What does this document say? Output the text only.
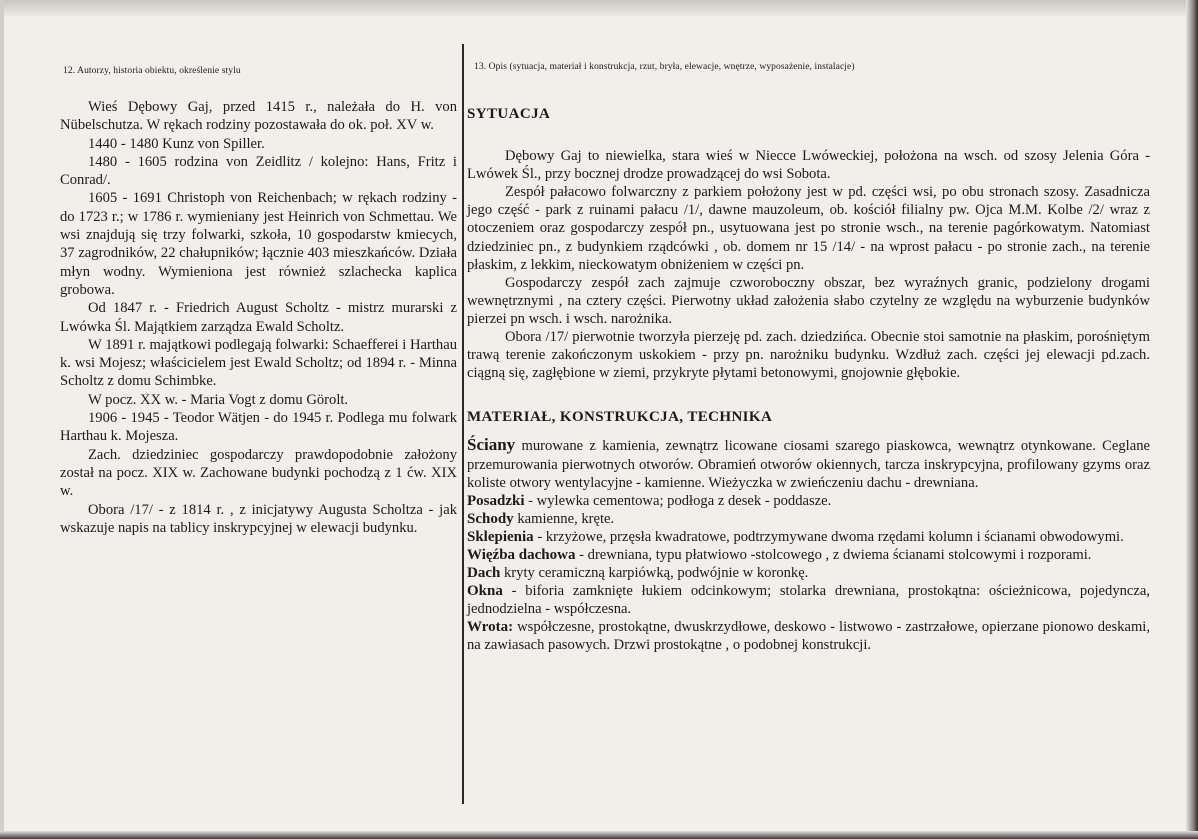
12. Autorzy, historia obiektu, określenie stylu	13. Opis (sytuacja, materiał i konstrukcja, rzut, bryła, elewacje, wnętrze, wyposażenie, instalacje)

Wieś Dębowy Gaj, przed 1415 r., należała do H. von Nübelschutza. W rękach rodziny pozostawała do ok. poł. XV w.

1440 - 1480 Kunz von Spiller.

1480 - 1605 rodzina von Zeidlitz / kolejno: Hans, Fritz i Conrad/.

1605 - 1691 Christoph von Reichenbach; w rękach rodziny - do 1723 r.; w 1786 r. wymieniany jest Heinrich von Schmettau. We wsi znajdują się trzy folwarki, szkoła, 10 gospodarstw kmiecych, 37 zagrodników, 22 chałupników; łącznie 403 mieszkańców. Działa młyn wodny. Wymieniona jest również szlachecka kaplica grobowa.

Od 1847 r. - Friedrich August Scholtz - mistrz murarski z Lwówka Śl. Majątkiem zarządza Ewald Scholtz.

W 1891 r. majątkowi podlegają folwarki: Schaefferei i Harthau k. wsi Mojesz; właścicielem jest Ewald Scholtz; od 1894 r. - Minna Scholtz z domu Schimbke.

W pocz. XX w. - Maria Vogt z domu Görolt.

1906 - 1945 - Teodor Wätjen - do 1945 r. Podlega mu folwark Harthau k. Mojesza.

Zach. dziedziniec gospodarczy prawdopodobnie założony został na pocz. XIX w. Zachowane budynki pochodzą z 1 ćw. XIX w.

Obora /17/ - z 1814 r. , z inicjatywy Augusta Scholtza - jak wskazuje napis na tablicy inskrypcyjnej w elewacji budynku.

SYTUACJA

Dębowy Gaj to niewielka, stara wieś w Niecce Lwóweckiej, położona na wsch. od szosy Jelenia Góra - Lwówek Śl., przy bocznej drodze prowadzącej do wsi Sobota.

Zespół pałacowo folwarczny z parkiem położony jest w pd. części wsi, po obu stronach szosy. Zasadnicza jego część - park z ruinami pałacu /1/, dawne mauzoleum, ob. kościół filialny pw. Ojca M.M. Kolbe /2/ wraz z otoczeniem oraz gospodarczy zespół pn., usytuowana jest po stronie wsch., na terenie pagórkowatym. Natomiast dziedziniec pn., z budynkiem rządcówki , ob. domem nr 15 /14/ - na wprost pałacu - po stronie zach., na terenie płaskim, z lekkim, nieckowatym obniżeniem w części pn.

Gospodarczy zespół zach zajmuje czworoboczny obszar, bez wyraźnych granic, podzielony drogami wewnętrznymi , na cztery części. Pierwotny układ założenia słabo czytelny ze względu na wyburzenie budynków pierzei pn wsch. i wsch. narożnika.

Obora /17/ pierwotnie tworzyła pierzeję pd. zach. dziedzińca. Obecnie stoi samotnie na płaskim, porośniętym trawą terenie zakończonym uskokiem - przy pn. narożniku budynku. Wzdłuż zach. części jej elewacji pd.zach. ciągną się, zagłębione w ziemi, przykryte płytami betonowymi, gnojownie głębokie.

MATERIAŁ, KONSTRUKCJA, TECHNIKA

Ściany murowane z kamienia, zewnątrz licowane ciosami szarego piaskowca, wewnątrz otynkowane. Ceglane przemurowania pierwotnych otworów. Obramień otworów okiennych, tarcza inskrypcyjna, profilowany gzyms oraz koliste otwory wentylacyjne - kamienne. Wieżyczka w zwieńczeniu dachu - drewniana.

Posadzki - wylewka cementowa; podłoga z desek - poddasze.

Schody kamienne, kręte.

Sklepienia - krzyżowe, przęsła kwadratowe, podtrzymywane dwoma rzędami kolumn i ścianami obwodowymi.

Więźba dachowa - drewniana, typu płatwiowo -stolcowego , z dwiema ścianami stolcowymi i rozporami.

Dach kryty ceramiczną karpiówką, podwójnie w koronkę.

Okna - biforia zamknięte łukiem odcinkowym; stolarka drewniana, prostokątna: ościeżnicowa, pojedyncza, jednodzielna - współczesna.

Wrota: współczesne, prostokątne, dwuskrzydłowe, deskowo - listwowo - zastrzałowe, opierzane pionowo deskami, na zawiasach pasowych. Drzwi prostokątne , o podobnej konstrukcji.
